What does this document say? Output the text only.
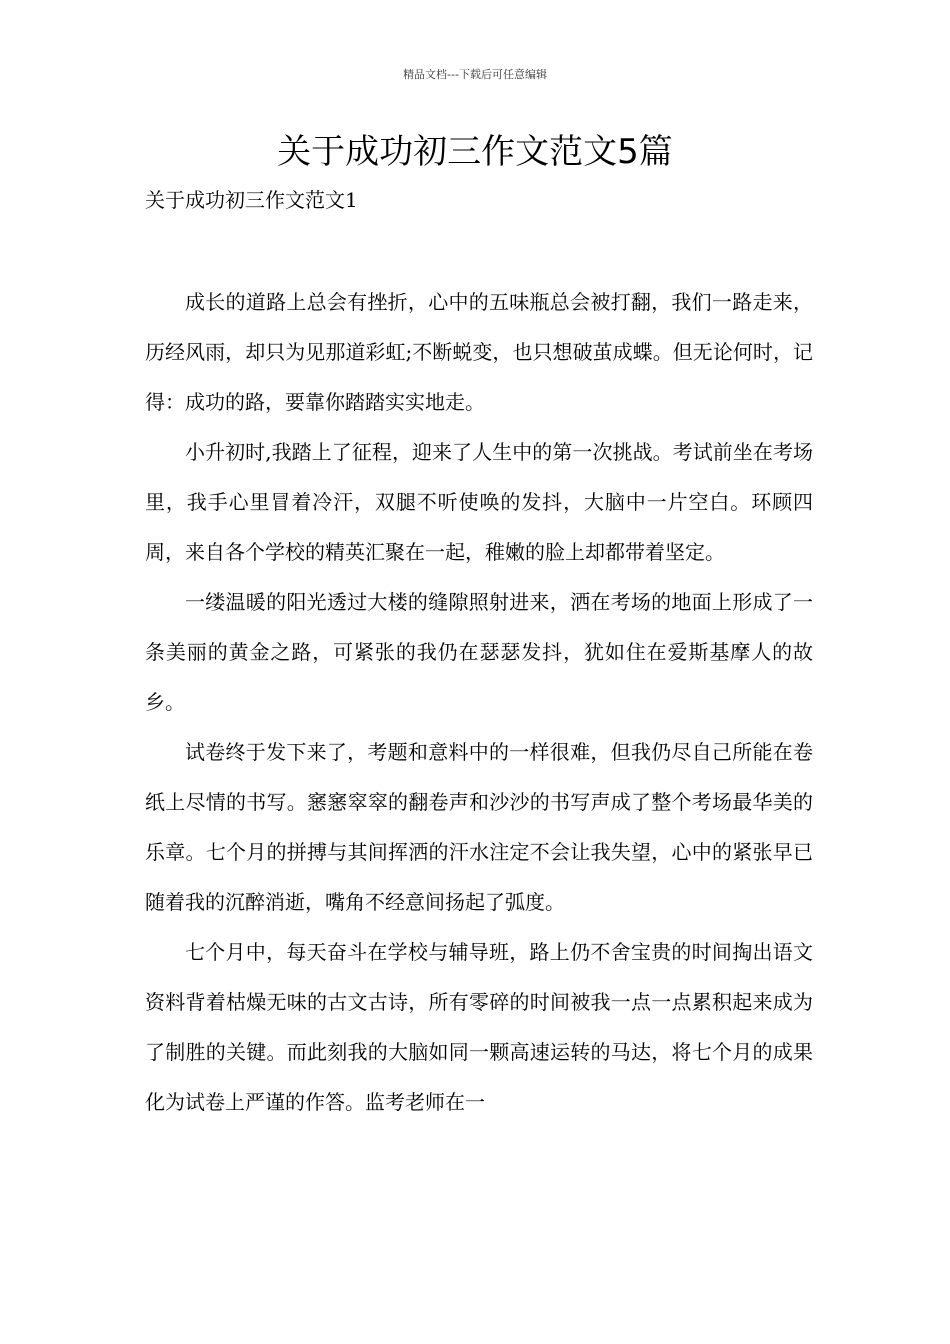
精品文档---下载后可任意编辑
关于成功初三作文范文5篇
关于成功初三作文范文1

成长的道路上总会有挫折，心中的五味瓶总会被打翻，我们一路走来，历经风雨，却只为见那道彩虹;不断蜕变，也只想破茧成蝶。但无论何时，记得：成功的路，要靠你踏踏实实地走。

小升初时,我踏上了征程，迎来了人生中的第一次挑战。考试前坐在考场里，我手心里冒着冷汗，双腿不听使唤的发抖，大脑中一片空白。环顾四周，来自各个学校的精英汇聚在一起，稚嫩的脸上却都带着坚定。

一缕温暖的阳光透过大楼的缝隙照射进来，洒在考场的地面上形成了一条美丽的黄金之路，可紧张的我仍在瑟瑟发抖，犹如住在爱斯基摩人的故乡。

试卷终于发下来了，考题和意料中的一样很难，但我仍尽自己所能在卷纸上尽情的书写。窸窸窣窣的翻卷声和沙沙的书写声成了整个考场最华美的乐章。七个月的拼搏与其间挥洒的汗水注定不会让我失望，心中的紧张早已随着我的沉醉消逝，嘴角不经意间扬起了弧度。

七个月中，每天奋斗在学校与辅导班，路上仍不舍宝贵的时间掏出语文资料背着枯燥无味的古文古诗，所有零碎的时间被我一点一点累积起来成为了制胜的关键。而此刻我的大脑如同一颗高速运转的马达，将七个月的成果化为试卷上严谨的作答。监考老师在一
